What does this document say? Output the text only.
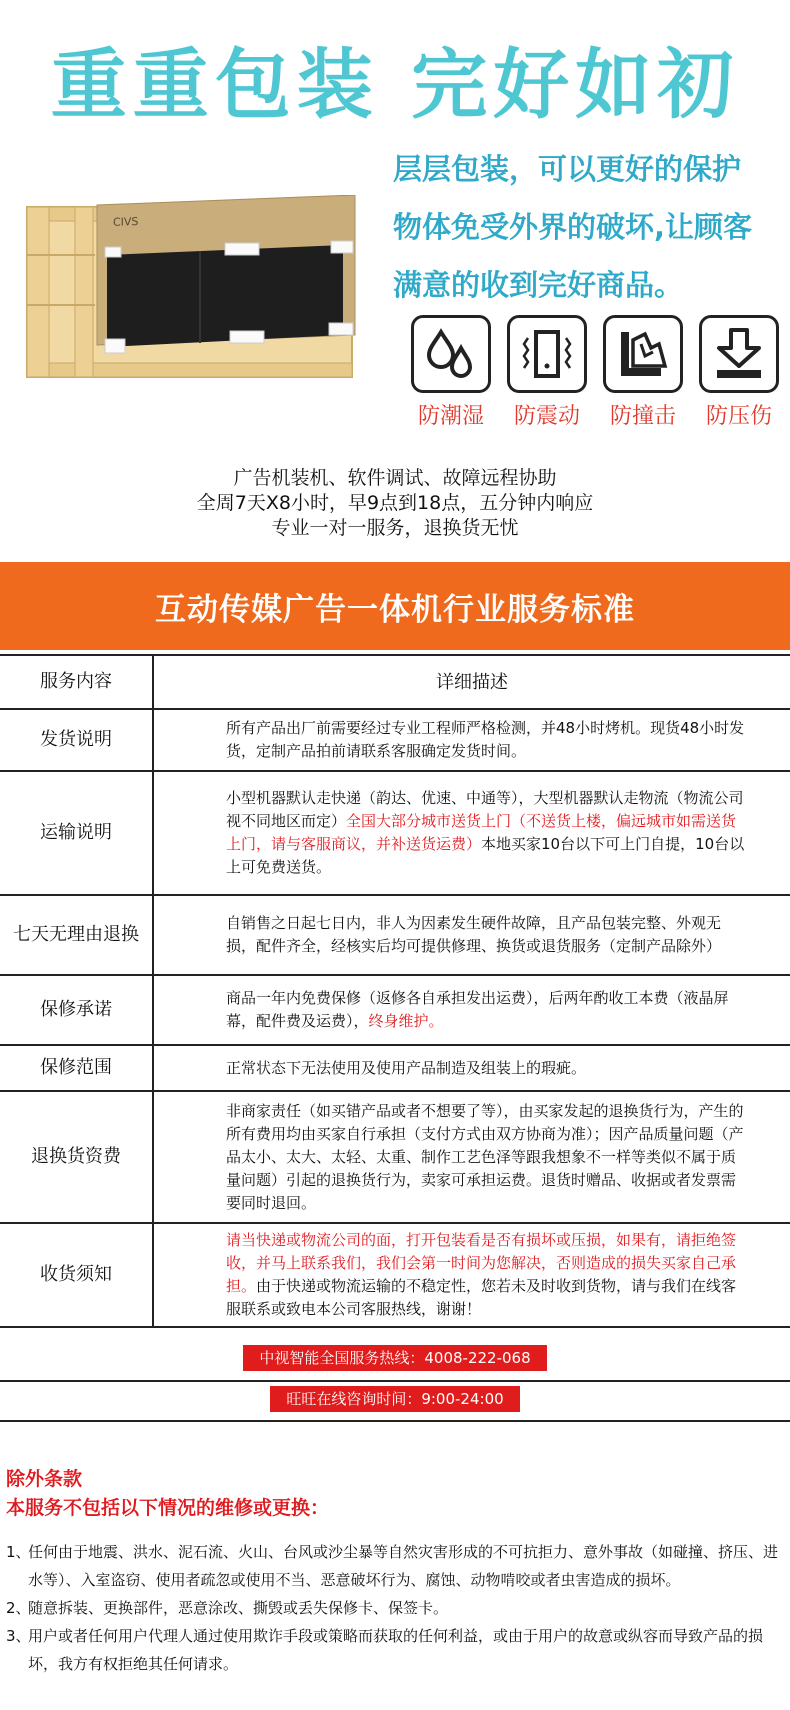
重重包装 完好如初
层层包装，可以更好的保护
物体免受外界的破坏,让顾客
满意的收到完好商品。
CIVS
防潮湿 防震动 防撞击 防压伤
广告机装机、软件调试、故障远程协助
全周7天X8小时，早9点到18点，五分钟内响应
专业一对一服务，退换货无忧
互动传媒广告一体机行业服务标准
服务内容	详细描述
发货说明	所有产品出厂前需要经过专业工程师严格检测，并48小时烤机。现货48小时发货，定制产品拍前请联系客服确定发货时间。
运输说明	小型机器默认走快递（韵达、优速、中通等），大型机器默认走物流（物流公司视不同地区而定）全国大部分城市送货上门（不送货上楼，偏远城市如需送货上门，请与客服商议，并补送货运费）本地买家10台以下可上门自提，10台以上可免费送货。
七天无理由退换	自销售之日起七日内，非人为因素发生硬件故障，且产品包装完整、外观无损，配件齐全，经核实后均可提供修理、换货或退货服务（定制产品除外）
保修承诺	商品一年内免费保修（返修各自承担发出运费），后两年酌收工本费（液晶屏幕，配件费及运费），终身维护。
保修范围	正常状态下无法使用及使用产品制造及组装上的瑕疵。
退换货资费	非商家责任（如买错产品或者不想要了等），由买家发起的退换货行为，产生的所有费用均由买家自行承担（支付方式由双方协商为准）；因产品质量问题（产品太小、太大、太轻、太重、制作工艺色泽等跟我想象不一样等类似不属于质量问题）引起的退换货行为，卖家可承担运费。退货时赠品、收据或者发票需要同时退回。
收货须知	请当快递或物流公司的面，打开包装看是否有损坏或压损，如果有，请拒绝签收，并马上联系我们，我们会第一时间为您解决，否则造成的损失买家自己承担。由于快递或物流运输的不稳定性，您若未及时收到货物，请与我们在线客服联系或致电本公司客服热线，谢谢！
中视智能全国服务热线：4008-222-068
旺旺在线咨询时间：9:00-24:00
除外条款
本服务不包括以下情况的维修或更换：
1、
任何由于地震、洪水、泥石流、火山、台风或沙尘暴等自然灾害形成的不可抗拒力、意外事故（如碰撞、挤压、进水等）、入室盗窃、使用者疏忽或使用不当、恶意破坏行为、腐蚀、动物啃咬或者虫害造成的损坏。
2、
随意拆装、更换部件，恶意涂改、撕毁或丢失保修卡、保签卡。
3、
用户或者任何用户代理人通过使用欺诈手段或策略而获取的任何利益，或由于用户的故意或纵容而导致产品的损坏，我方有权拒绝其任何请求。
